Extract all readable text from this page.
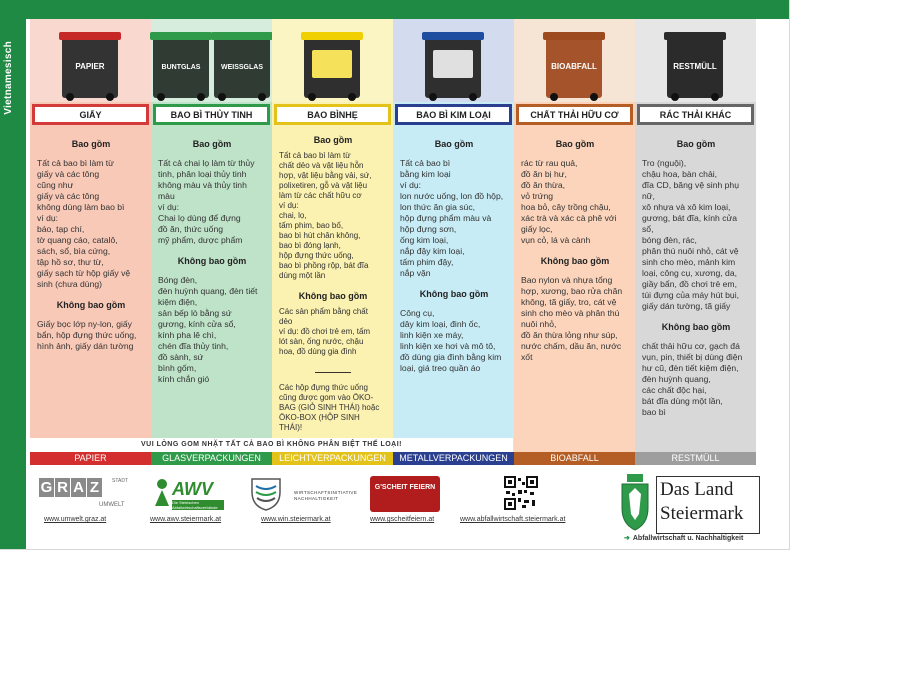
Vietnamesisch	PAPIER
GIẤY
Bao gồm
Tất cả bao bì làm từ
giấy và các tông
cũng như
giấy và các tông
không dùng làm bao bì
ví dụ:
báo, tạp chí,
tờ quang cáo, catalô,
sách, sổ, bìa cứng,
tập hồ sơ, thư từ,
giấy sạch từ hộp giấy vệ
sinh (chưa dùng)
Không bao gồm
Giấy bọc lớp ny-lon, giấy
bẩn, hộp đựng thức uống,
hình ảnh, giấy dán tường
BUNTGLAS	WEISSGLAS
BAO BÌ THỦY TINH
Bao gồm
Tất cả chai lọ làm từ thủy
tinh, phân loại thủy tinh
không màu và thủy tinh
màu
ví dụ:
Chai lọ dùng để đựng
đồ ăn, thức uống
mỹ phẩm, dược phẩm
Không bao gồm
Bóng đèn,
đèn huỳnh quang, đèn tiết
kiệm điện,
sản bếp lò bằng sứ
gương, kính cửa sổ,
kính pha lê chì,
chén đĩa thủy tinh,
đồ sành, sứ
bình gốm,
kính chắn gió
BAO BÌNHẸ
Bao gồm
Tất cả bao bì làm từ
chất dẻo và vật liệu hỗn
hợp, vật liệu bằng vải, sứ,
polixetiren, gỗ và vật liệu
làm từ các chất hữu cơ
ví dụ:
chai, lọ,
tấm phim, bao bố,
bao bì hút chân không,
bao bì đóng lạnh,
hộp đựng thức uống,
bao bì phồng rộp, bát đĩa
dùng một lần
Không bao gồm
Các sản phẩm bằng chất
dẻo
ví dụ: đồ chơi trẻ em, tấm
lót sàn, ống nước, chậu
hoa, đồ dùng gia đình
————
Các hộp đựng thức uống
cũng được gom vào ÖKO-
BAG (GIỎ SINH THÁI) hoặc
ÖKO-BOX (HỘP SINH
THÁI)!
BAO BÌ KIM LOẠI
Bao gồm
Tất cả bao bì
bằng kim loại
ví dụ:
lon nước uống, lon đồ hộp,
lon thức ăn gia súc,
hộp đựng phẩm màu và
hộp đựng sơn,
ống kim loại,
nắp đậy kim loại,
tấm phim đậy,
nắp vặn
Không bao gồm
Công cụ,
dây kim loại, đinh ốc,
linh kiện xe máy,
linh kiện xe hơi và mô tô,
đồ dùng gia đình bằng kim
loại, giá treo quần áo
BIOABFALL
CHẤT THẢI HỮU CƠ
Bao gồm
rác từ rau quả,
đồ ăn bị hư,
đồ ăn thừa,
vỏ trứng
hoa bỏ, cây trồng chậu,
xác trà và xác cà phê với
giấy lọc,
vụn cỏ, lá và cành
Không bao gồm
Bao nylon và nhựa tổng
hợp, xương, bao rửa chăn
không, tã giấy, tro, cát vệ
sinh cho mèo và phân thú
nuôi nhỏ,
đồ ăn thừa lỏng như súp,
nước chấm, dầu ăn, nước
xốt
RESTMÜLL
RÁC THẢI KHÁC
Bao gồm
Tro (nguội),
chậu hoa, bàn chải,
đĩa CD, băng vệ sinh phụ
nữ,
xô nhựa và xô kim loại,
gương, bát đĩa, kính cửa
sổ,
bóng đèn, rác,
phân thú nuôi nhỏ, cát vệ
sinh cho mèo, mảnh kim
loại, công cụ, xương, da,
giầy bẩn, đồ chơi trẻ em,
túi đựng của máy hút bụi,
giấy dán tường, tã giấy
Không bao gồm
chất thải hữu cơ, gạch đá
vụn, pin, thiết bị dùng điện
hư cũ, đèn tiết kiệm điện,
đèn huỳnh quang,
các chất độc hại,
bát đĩa dùng một lần,
bao bì
VUI LÒNG GOM NHẶT TẤT CẢ BAO BÌ KHÔNG PHÂN BIỆT THẾ LOẠI!
PAPIER	GLASVERPACKUNGEN	LEICHTVERPACKUNGEN	METALLVERPACKUNGEN	BIOABFALL	RESTMÜLL
G R A Z	STADT
UMWELT
www.umwelt.graz.at
AWV
Die Steirischen Abfallwirtschaftsverbände
www.awv.steiermark.at
WIRTSCHAFTSINITIATIVE NACHHALTIGKEIT
www.win.steiermark.at
G'SCHEIT FEIERN
www.gscheitfeiern.at	www.abfallwirtschaft.steiermark.at
Das Land
Steiermark
➔ Abfallwirtschaft u. Nachhaltigkeit
